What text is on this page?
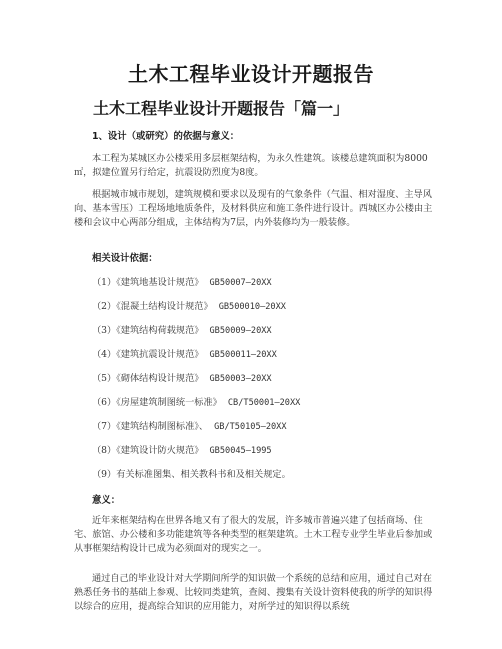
土木工程毕业设计开题报告
土木工程毕业设计开题报告「篇一」
1、设计（或研究）的依据与意义：
本工程为某城区办公楼采用多层框架结构，为永久性建筑。该楼总建筑面积为8000㎡，拟建位置另行给定，抗震设防烈度为8度。
根据城市城市规划，建筑规模和要求以及现有的气象条件（气温、相对湿度、主导风向、基本雪压）工程场地地质条件，及材料供应和施工条件进行设计。西城区办公楼由主楼和会议中心两部分组成，主体结构为7层，内外装修均为一般装修。
相关设计依据：
（1）《建筑地基设计规范》 GB50007—20XX
（2）《混凝土结构设计规范》 GB500010—20XX
（3）《建筑结构荷载规范》 GB50009—20XX
（4）《建筑抗震设计规范》 GB500011—20XX
（5）《砌体结构设计规范》 GB50003—20XX
（6）《房屋建筑制图统一标准》 CB/T50001—20XX
（7）《建筑结构制图标准》、 GB/T50105—20XX
（8）《建筑设计防火规范》 GB50045—1995
（9）有关标准图集、相关教科书和及相关规定。
意义：
近年来框架结构在世界各地又有了很大的发展，许多城市普遍兴建了包括商场、住宅、旅馆、办公楼和多功能建筑等各种类型的框架建筑。土木工程专业学生毕业后参加或从事框架结构设计已成为必须面对的现实之一。
通过自己的毕业设计对大学期间所学的知识做一个系统的总结和应用，通过自己对在熟悉任务书的基础上参观、比较同类建筑，查阅、搜集有关设计资料使我的所学的知识得以综合的应用，提高综合知识的应用能力，对所学过的知识得以系统
